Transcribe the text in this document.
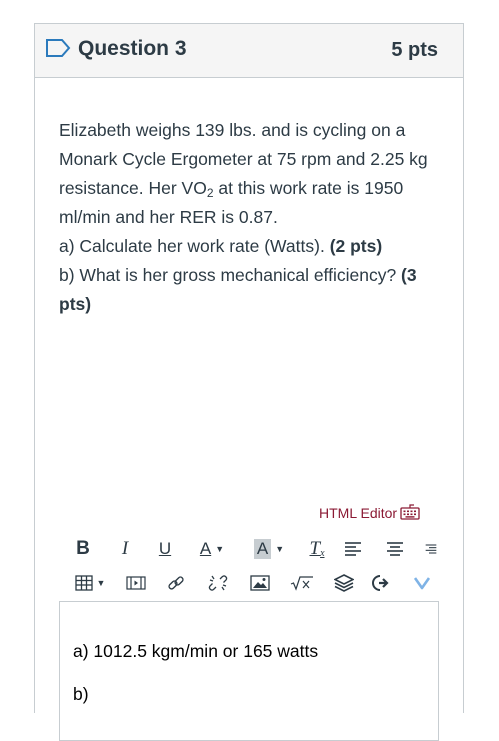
Question 3	5 pts

Elizabeth weighs 139 lbs. and is cycling on a Monark Cycle Ergometer at 75 rpm and 2.25 kg resistance. Her $VO_2$ at this work rate is 1950 ml/min and her RER is 0.87.

a) Calculate her work rate (Watts). (2 pts)

b) What is her gross mechanical efficiency? (3 pts)

HTML Editor
B	I	U A ▼ A ▼ T x
▼
a) 1012.5 kgm/min or 165 watts
b)
